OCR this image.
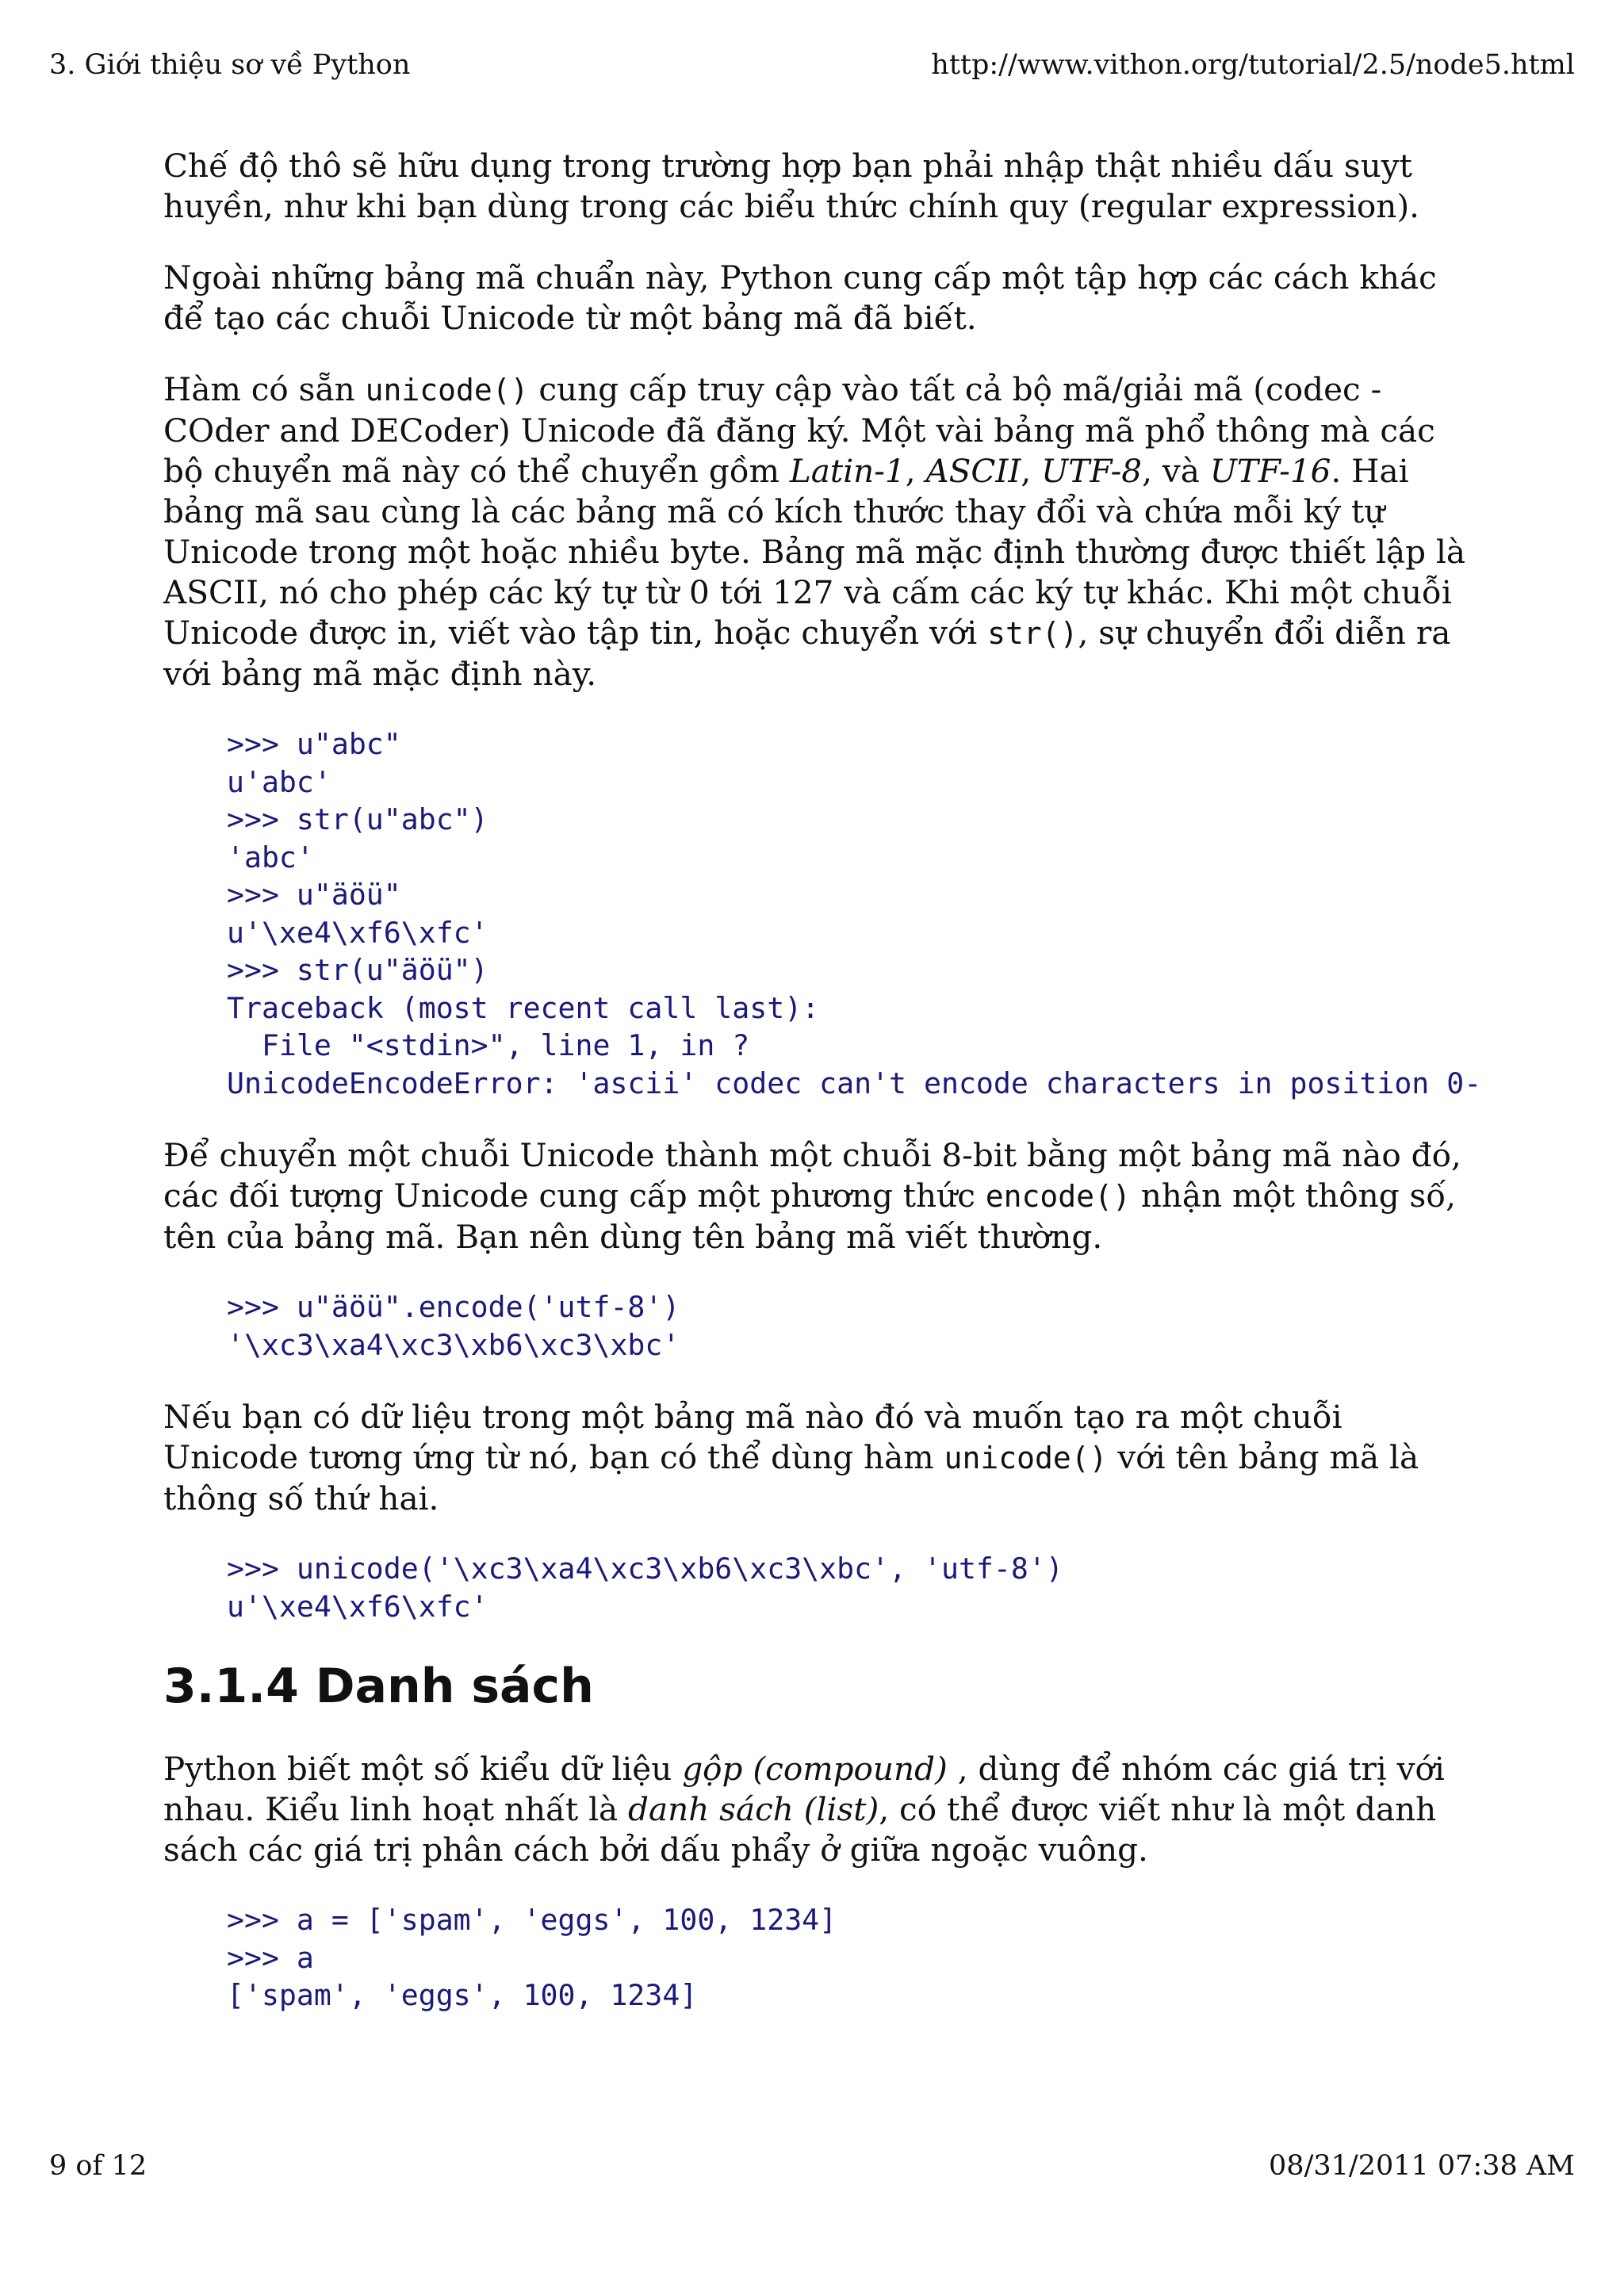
3. Giới thiệu sơ về Python	http://www.vithon.org/tutorial/2.5/node5.html

Chế độ thô sẽ hữu dụng trong trường hợp bạn phải nhập thật nhiều dấu suyt
huyền, như khi bạn dùng trong các biểu thức chính quy (regular expression).

Ngoài những bảng mã chuẩn này, Python cung cấp một tập hợp các cách khác
để tạo các chuỗi Unicode từ một bảng mã đã biết.

Hàm có sẵn unicode() cung cấp truy cập vào tất cả bộ mã/giải mã (codec -
COder and DECoder) Unicode đã đăng ký. Một vài bảng mã phổ thông mà các
bộ chuyển mã này có thể chuyển gồm Latin-1, ASCII, UTF-8, và UTF-16. Hai
bảng mã sau cùng là các bảng mã có kích thước thay đổi và chứa mỗi ký tự
Unicode trong một hoặc nhiều byte. Bảng mã mặc định thường được thiết lập là
ASCII, nó cho phép các ký tự từ 0 tới 127 và cấm các ký tự khác. Khi một chuỗi
Unicode được in, viết vào tập tin, hoặc chuyển với str(), sự chuyển đổi diễn ra
với bảng mã mặc định này.

>>> u"abc"
u'abc'
>>> str(u"abc")
'abc'
>>> u"äöü"
u'\xe4\xf6\xfc'
>>> str(u"äöü")
Traceback (most recent call last):
File "<stdin>", line 1, in ?
UnicodeEncodeError: 'ascii' codec can't encode characters in position 0-

Để chuyển một chuỗi Unicode thành một chuỗi 8-bit bằng một bảng mã nào đó,
các đối tượng Unicode cung cấp một phương thức encode() nhận một thông số,
tên của bảng mã. Bạn nên dùng tên bảng mã viết thường.

>>> u"äöü".encode('utf-8')
'\xc3\xa4\xc3\xb6\xc3\xbc'

Nếu bạn có dữ liệu trong một bảng mã nào đó và muốn tạo ra một chuỗi
Unicode tương ứng từ nó, bạn có thể dùng hàm unicode() với tên bảng mã là
thông số thứ hai.

>>> unicode('\xc3\xa4\xc3\xb6\xc3\xbc', 'utf-8')
u'\xe4\xf6\xfc'
3.1.4 Danh sách

Python biết một số kiểu dữ liệu gộp (compound) , dùng để nhóm các giá trị với
nhau. Kiểu linh hoạt nhất là danh sách (list), có thể được viết như là một danh
sách các giá trị phân cách bởi dấu phẩy ở giữa ngoặc vuông.

>>> a = ['spam', 'eggs', 100, 1234]
>>> a
['spam', 'eggs', 100, 1234]
9 of 12	08/31/2011 07:38 AM
